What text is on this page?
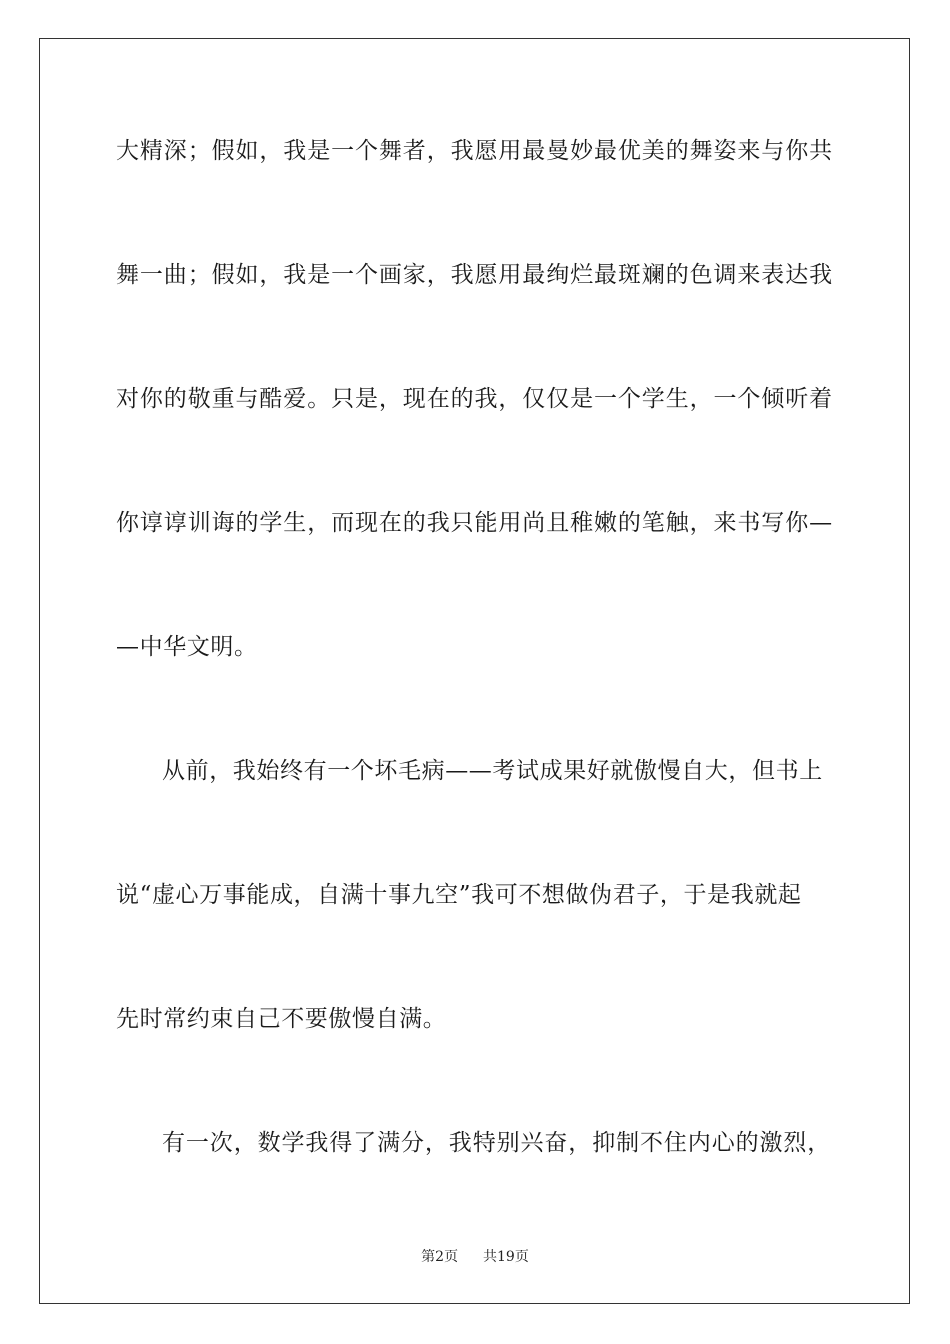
大精深；假如，我是一个舞者，我愿用最曼妙最优美的舞姿来与你共
舞一曲；假如，我是一个画家，我愿用最绚烂最斑斓的色调来表达我
对你的敬重与酷爱。只是，现在的我，仅仅是一个学生，一个倾听着
你谆谆训诲的学生，而现在的我只能用尚且稚嫩的笔触，来书写你—
—中华文明。
从前，我始终有一个坏毛病——考试成果好就傲慢自大，但书上
说“虚心万事能成，自满十事九空”我可不想做伪君子，于是我就起
先时常约束自己不要傲慢自满。
有一次，数学我得了满分，我特别兴奋，抑制不住内心的激烈，
第2页 共19页
